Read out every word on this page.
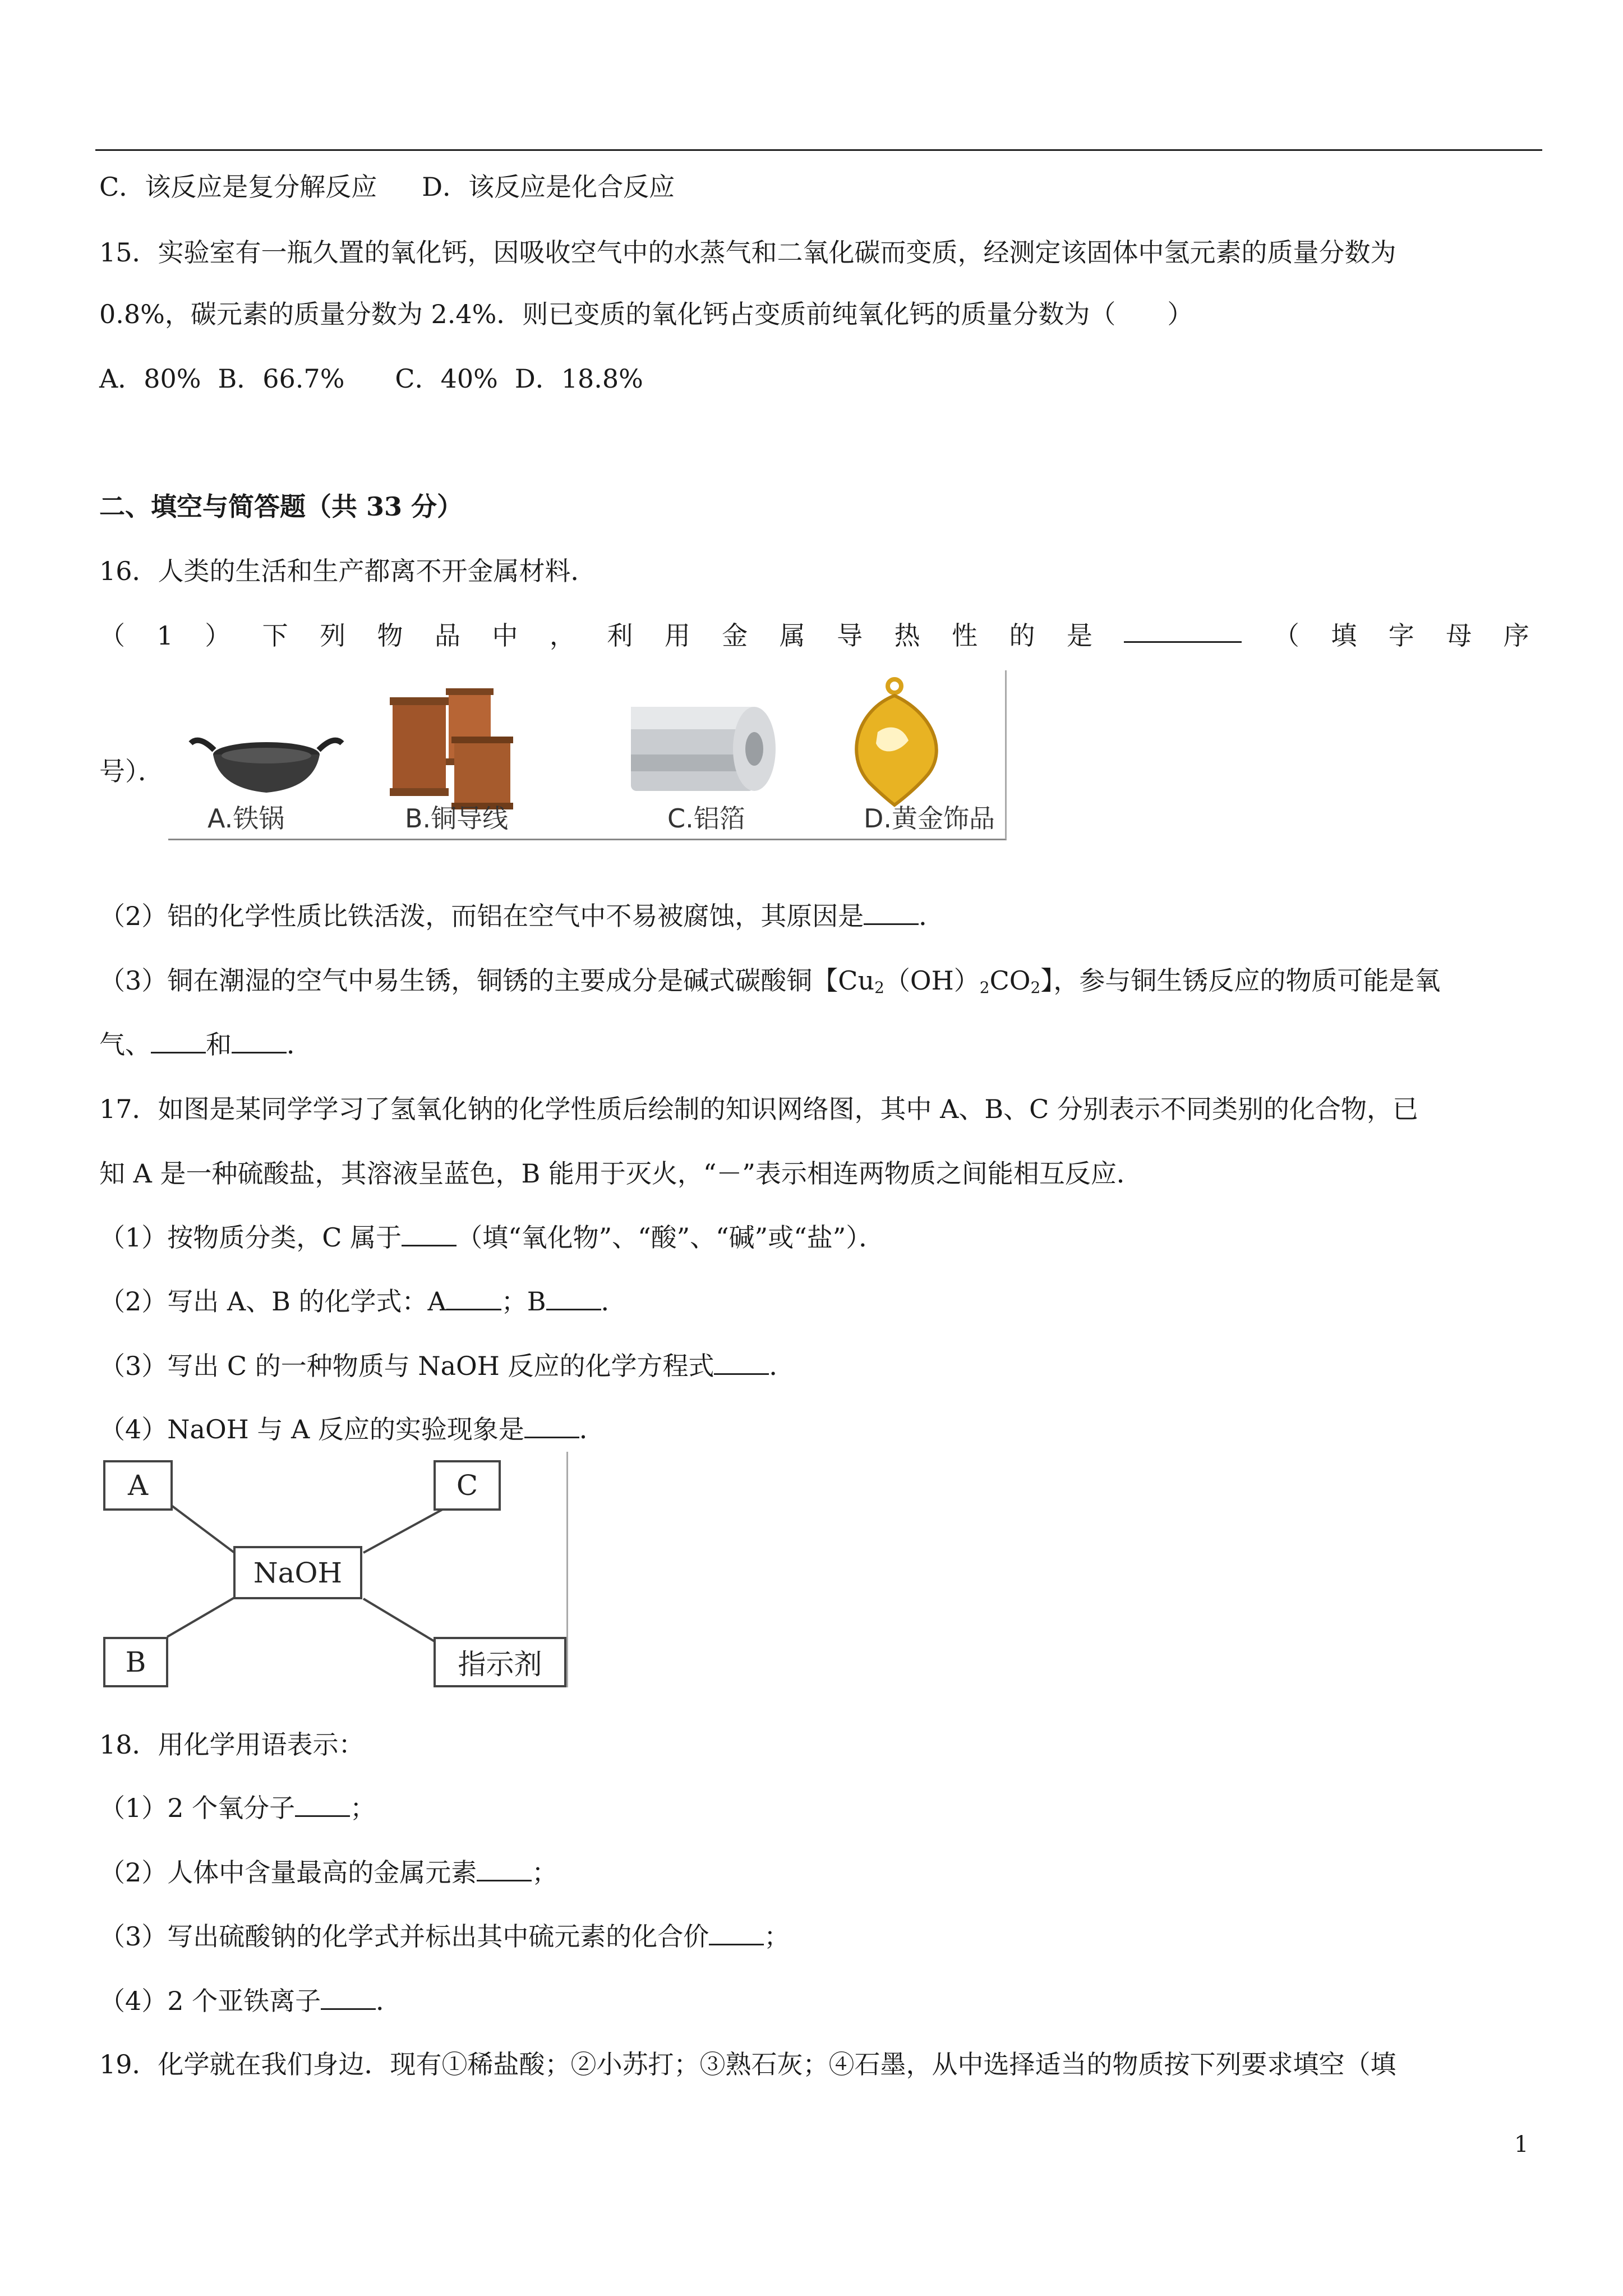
C．该反应是复分解反应 D．该反应是化合反应
15．实验室有一瓶久置的氧化钙，因吸收空气中的水蒸气和二氧化碳而变质，经测定该固体中氢元素的质量分数为
0.8%，碳元素的质量分数为 2.4%．则已变质的氧化钙占变质前纯氧化钙的质量分数为（　　）
A．80% B．66.7% C．40% D．18.8%
二、填空与简答题（共 33 分）
16．人类的生活和生产都离不开金属材料．
（ 1 ） 下 列 物 品 中 ， 利 用 金 属 导 热 性 的 是	（ 填 字 母 序
号）．
A.铁锅	B.铜导线	C.铝箔	D.黄金饰品
（2）铝的化学性质比铁活泼，而铝在空气中不易被腐蚀，其原因是 ．
（3）铜在潮湿的空气中易生锈，铜锈的主要成分是碱式碳酸铜【$Cu_2(OH)_2CO_2$】，参与铜生锈反应的物质可能是氧
气、 和 ．
17．如图是某同学学习了氢氧化钠的化学性质后绘制的知识网络图，其中 A、B、C 分别表示不同类别的化合物，已
知 A 是一种硫酸盐，其溶液呈蓝色，B 能用于灭火，“－”表示相连两物质之间能相互反应．
（1）按物质分类，C 属于 （填“氧化物”、“酸”、“碱”或“盐”）．
（2）写出 A、B 的化学式：A ；B ．
（3）写出 C 的一种物质与 NaOH 反应的化学方程式 ．
（4）NaOH 与 A 反应的实验现象是 ．
A	C
NaOH
B	指示剂
18．用化学用语表示：
（1）2 个氧分子 ；
（2）人体中含量最高的金属元素 ；
（3）写出硫酸钠的化学式并标出其中硫元素的化合价 ；
（4）2 个亚铁离子 ．
19．化学就在我们身边．现有①稀盐酸；②小苏打；③熟石灰；④石墨，从中选择适当的物质按下列要求填空（填
1
